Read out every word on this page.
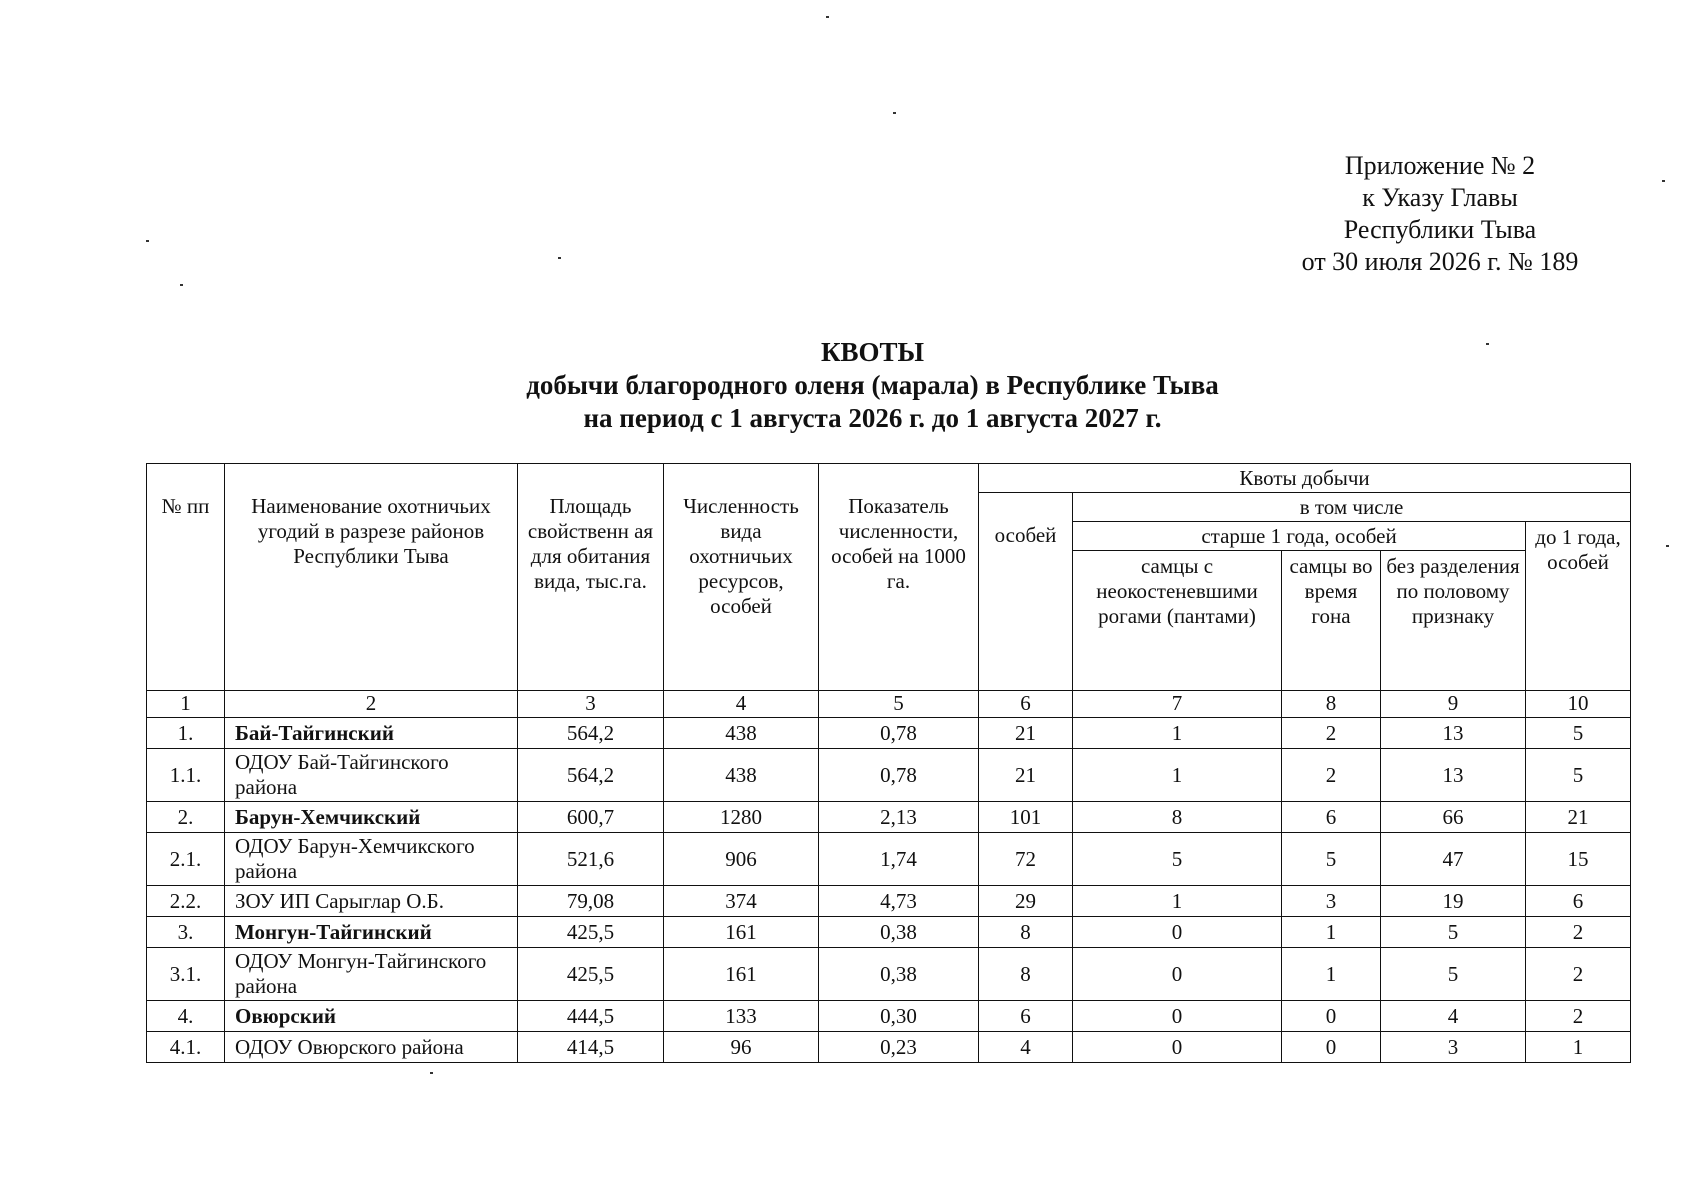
Приложение № 2
к Указу Главы
Республики Тыва
от 30 июля 2026 г. № 189
КВОТЫ
добычи благородного оленя (марала) в Республике Тыва
на период с 1 августа 2026 г. до 1 августа 2027 г.
№ пп	Наименование охотничьих угодий в разрезе районов Республики Тыва	Площадь свойственн ая для обитания вида, тыс.га.	Численность вида охотничьих ресурсов, особей	Показатель численности, особей на 1000 га.	Квоты добычи				
					особей	в том числе			
						старше 1 года, особей			до 1 года, особей
						самцы с неокостеневшими рогами (пантами)	самцы во время гона	без разделения по половому признаку	
1	2	3	4	5	6	7	8	9	10
1.	Бай-Тайгинский	564,2	438	0,78	21	1	2	13	5
1.1.	ОДОУ Бай-Тайгинского района	564,2	438	0,78	21	1	2	13	5
2.	Барун-Хемчикский	600,7	1280	2,13	101	8	6	66	21
2.1.	ОДОУ Барун-Хемчикского района	521,6	906	1,74	72	5	5	47	15
2.2.	ЗОУ ИП Сарыглар О.Б.	79,08	374	4,73	29	1	3	19	6
3.	Монгун-Тайгинский	425,5	161	0,38	8	0	1	5	2
3.1.	ОДОУ Монгун-Тайгинского района	425,5	161	0,38	8	0	1	5	2
4.	Овюрский	444,5	133	0,30	6	0	0	4	2
4.1.	ОДОУ Овюрского района	414,5	96	0,23	4	0	0	3	1
